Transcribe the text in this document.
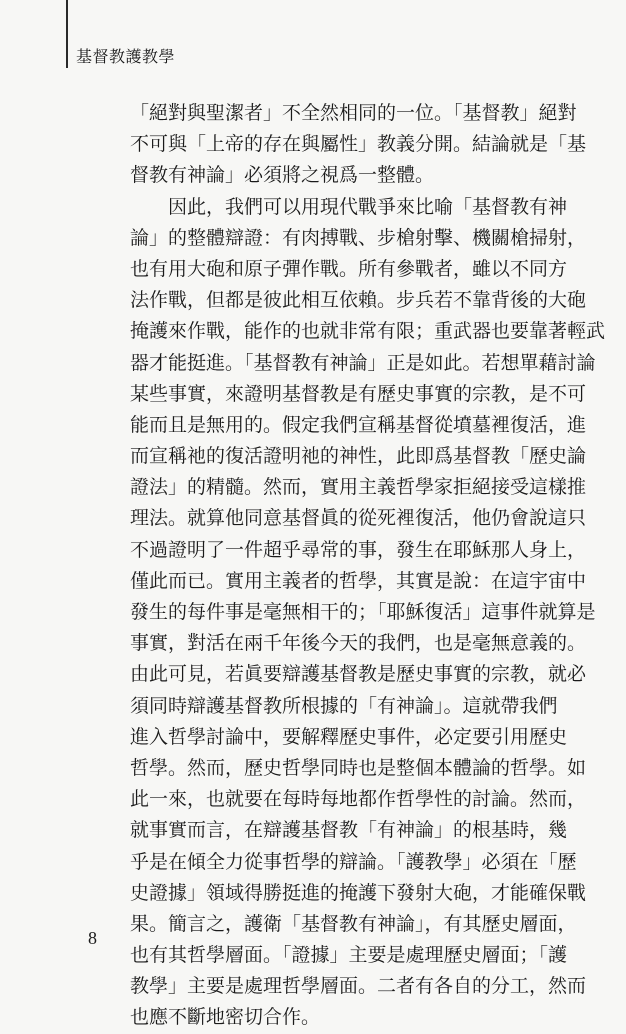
基督教護教學
「絕對與聖潔者」不全然相同的一位。「基督教」絕對
不可與「上帝的存在與屬性」教義分開。結論就是「基
督教有神論」必須將之視爲一整體。
因此，我們可以用現代戰爭來比喻「基督教有神
論」的整體辯證：有肉搏戰、步槍射擊、機關槍掃射，
也有用大砲和原子彈作戰。所有參戰者，雖以不同方
法作戰，但都是彼此相互依賴。步兵若不靠背後的大砲
掩護來作戰，能作的也就非常有限；重武器也要靠著輕武
器才能挺進。「基督教有神論」正是如此。若想單藉討論
某些事實，來證明基督教是有歷史事實的宗教，是不可
能而且是無用的。假定我們宣稱基督從墳墓裡復活，進
而宣稱祂的復活證明祂的神性，此即爲基督教「歷史論
證法」的精髓。然而，實用主義哲學家拒絕接受這樣推
理法。就算他同意基督眞的從死裡復活，他仍會說這只
不過證明了一件超乎尋常的事，發生在耶穌那人身上，
僅此而已。實用主義者的哲學，其實是說：在這宇宙中
發生的每件事是毫無相干的；「耶穌復活」這事件就算是
事實，對活在兩千年後今天的我們，也是毫無意義的。
由此可見，若眞要辯護基督教是歷史事實的宗教，就必
須同時辯護基督教所根據的「有神論」。這就帶我們
進入哲學討論中，要解釋歷史事件，必定要引用歷史
哲學。然而，歷史哲學同時也是整個本體論的哲學。如
此一來，也就要在每時每地都作哲學性的討論。然而，
就事實而言，在辯護基督教「有神論」的根基時，幾
乎是在傾全力從事哲學的辯論。「護教學」必須在「歷
史證據」領域得勝挺進的掩護下發射大砲，才能確保戰
果。簡言之，護衛「基督教有神論」，有其歷史層面，
也有其哲學層面。「證據」主要是處理歷史層面；「護
教學」主要是處理哲學層面。二者有各自的分工，然而
也應不斷地密切合作。
8
